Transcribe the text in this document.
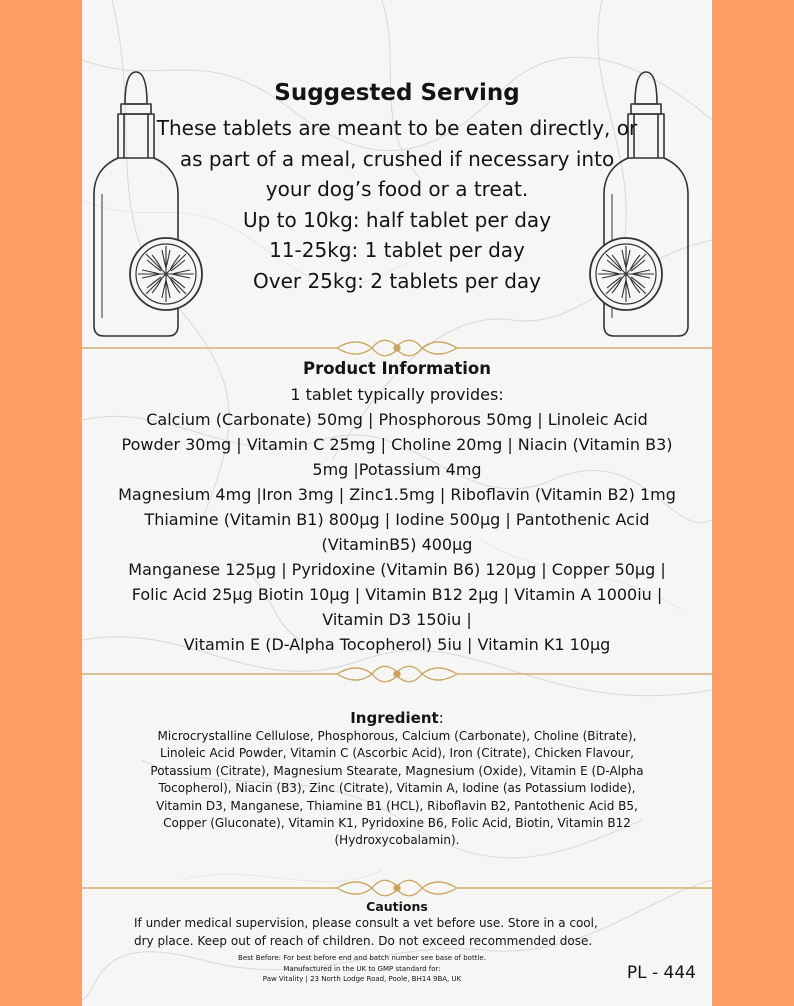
Suggested Serving

These tablets are meant to be eaten directly, or as part of a meal, crushed if necessary into your dog’s food or a treat.

Up to 10kg: half tablet per day

11-25kg: 1 tablet per day

Over 25kg: 2 tablets per day

Product Information

1 tablet typically provides:

Calcium (Carbonate) 50mg | Phosphorous 50mg | Linoleic Acid

Powder 30mg | Vitamin C 25mg | Choline 20mg | Niacin (Vitamin B3)

5mg |Potassium 4mg

Magnesium 4mg |Iron 3mg | Zinc1.5mg | Riboflavin (Vitamin B2) 1mg

Thiamine (Vitamin B1) 800µg | Iodine 500µg | Pantothenic Acid

(VitaminB5) 400µg

Manganese 125µg | Pyridoxine (Vitamin B6) 120µg | Copper 50µg |

Folic Acid 25µg Biotin 10µg | Vitamin B12 2µg | Vitamin A 1000iu |

Vitamin D3 150iu |

Vitamin E (D-Alpha Tocopherol) 5iu | Vitamin K1 10µg

Ingredient:

Microcrystalline Cellulose, Phosphorous, Calcium (Carbonate), Choline (Bitrate),

Linoleic Acid Powder, Vitamin C (Ascorbic Acid), Iron (Citrate), Chicken Flavour,

Potassium (Citrate), Magnesium Stearate, Magnesium (Oxide), Vitamin E (D-Alpha

Tocopherol), Niacin (B3), Zinc (Citrate), Vitamin A, Iodine (as Potassium Iodide),

Vitamin D3, Manganese, Thiamine B1 (HCL), Riboflavin B2, Pantothenic Acid B5,

Copper (Gluconate), Vitamin K1, Pyridoxine B6, Folic Acid, Biotin, Vitamin B12

(Hydroxycobalamin).

Cautions

If under medical supervision, please consult a vet before use. Store in a cool,

dry place. Keep out of reach of children. Do not exceed recommended dose.

Best Before: For best before end and batch number see base of bottle.

Manufactured in the UK to GMP standard for:

Paw Vitality | 23 North Lodge Road, Poole, BH14 9BA, UK	PL - 444
